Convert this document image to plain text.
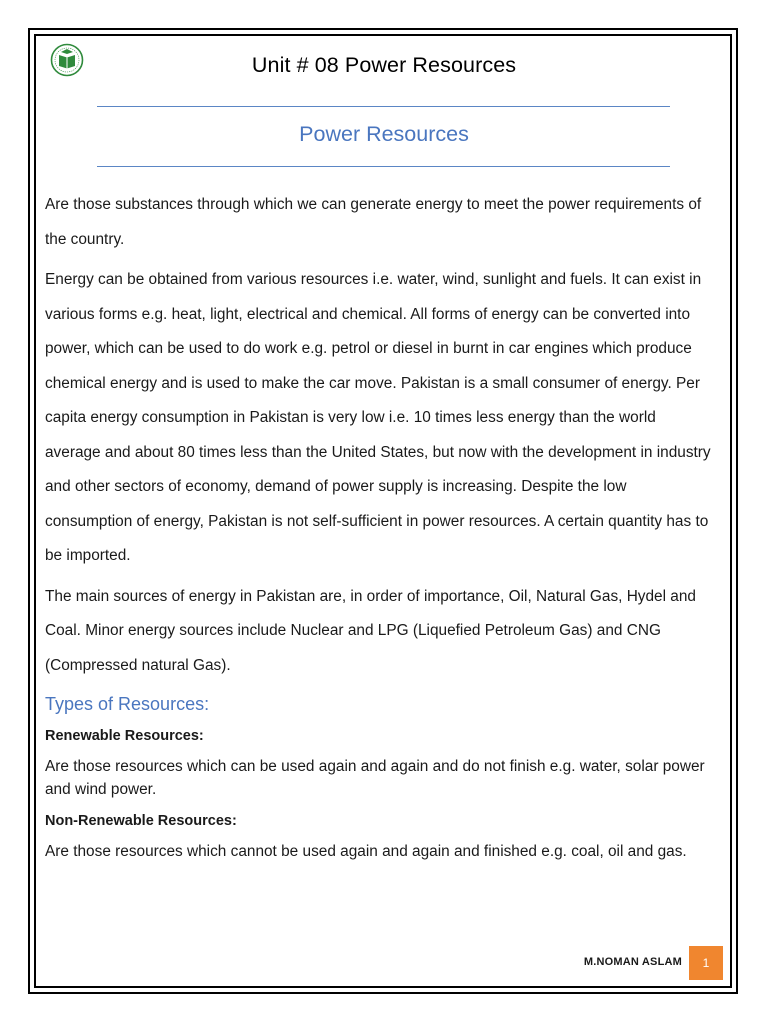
Unit # 08 Power Resources
Power Resources

Are those substances through which we can generate energy to meet the power requirements of the country.

Energy can be obtained from various resources i.e. water, wind, sunlight and fuels. It can exist in various forms e.g. heat, light, electrical and chemical. All forms of energy can be converted into power, which can be used to do work e.g. petrol or diesel in burnt in car engines which produce chemical energy and is used to make the car move. Pakistan is a small consumer of energy. Per capita energy consumption in Pakistan is very low i.e. 10 times less energy than the world average and about 80 times less than the United States, but now with the development in industry and other sectors of economy, demand of power supply is increasing. Despite the low consumption of energy, Pakistan is not self-sufficient in power resources. A certain quantity has to be imported.

The main sources of energy in Pakistan are, in order of importance, Oil, Natural Gas, Hydel and Coal. Minor energy sources include Nuclear and LPG (Liquefied Petroleum Gas) and CNG (Compressed natural Gas).

Types of Resources:
Renewable Resources:

Are those resources which can be used again and again and do not finish e.g. water, solar power and wind power.

Non-Renewable Resources:

Are those resources which cannot be used again and again and finished e.g. coal, oil and gas.

M.NOMAN ASLAM	1
